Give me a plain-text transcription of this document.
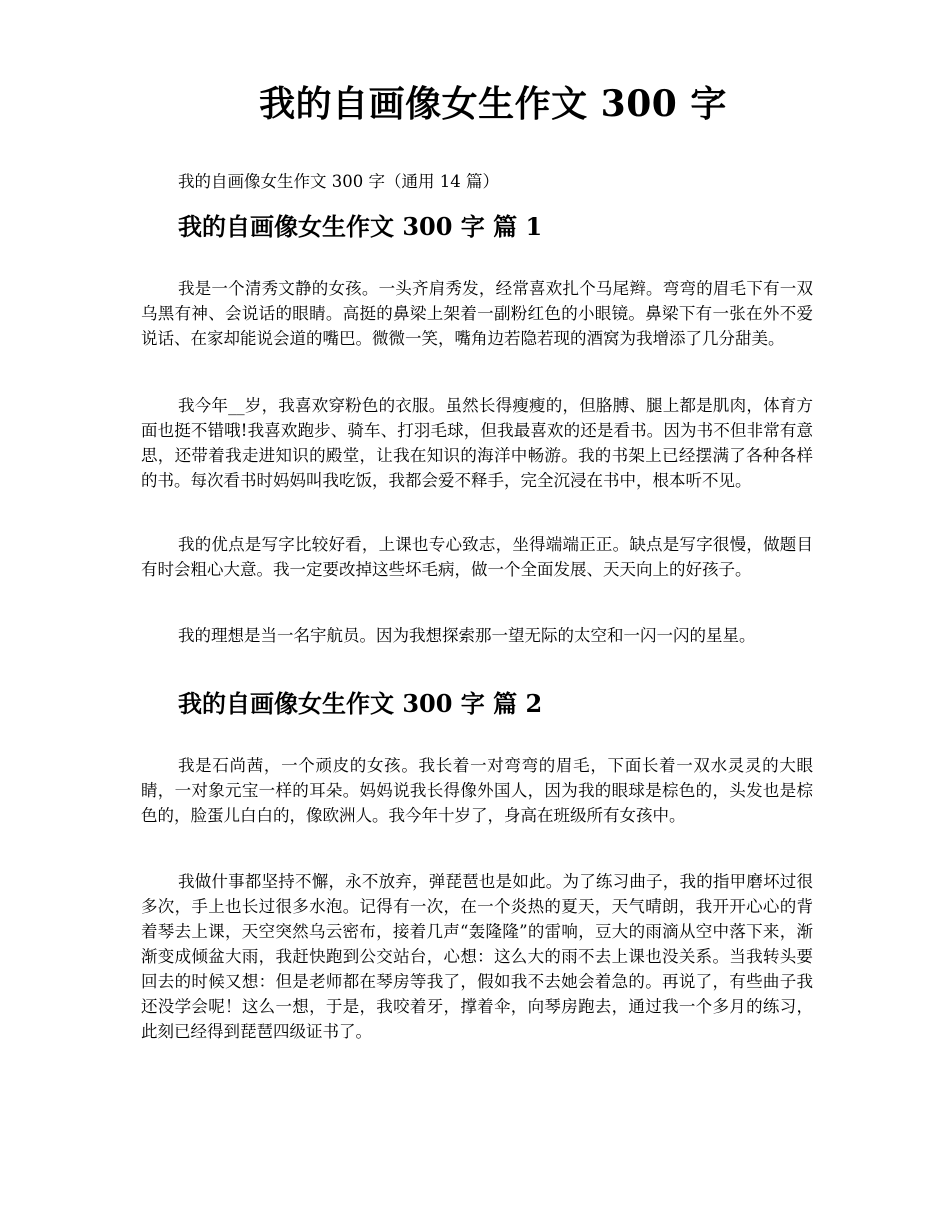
我的自画像女生作文 300 字

我的自画像女生作文 300 字（通用 14 篇）

我的自画像女生作文 300 字 篇 1

我是一个清秀文静的女孩。一头齐肩秀发，经常喜欢扎个马尾辫。弯弯的眉毛下有一双乌黑有神、会说话的眼睛。高挺的鼻梁上架着一副粉红色的小眼镜。鼻梁下有一张在外不爱说话、在家却能说会道的嘴巴。微微一笑，嘴角边若隐若现的酒窝为我增添了几分甜美。

我今年__岁，我喜欢穿粉色的衣服。虽然长得瘦瘦的，但胳膊、腿上都是肌肉，体育方面也挺不错哦!我喜欢跑步、骑车、打羽毛球，但我最喜欢的还是看书。因为书不但非常有意思，还带着我走进知识的殿堂，让我在知识的海洋中畅游。我的书架上已经摆满了各种各样的书。每次看书时妈妈叫我吃饭，我都会爱不释手，完全沉浸在书中，根本听不见。

我的优点是写字比较好看，上课也专心致志，坐得端端正正。缺点是写字很慢，做题目有时会粗心大意。我一定要改掉这些坏毛病，做一个全面发展、天天向上的好孩子。

我的理想是当一名宇航员。因为我想探索那一望无际的太空和一闪一闪的星星。

我的自画像女生作文 300 字 篇 2

我是石尚茜，一个顽皮的女孩。我长着一对弯弯的眉毛，下面长着一双水灵灵的大眼睛，一对象元宝一样的耳朵。妈妈说我长得像外国人，因为我的眼球是棕色的，头发也是棕色的，脸蛋儿白白的，像欧洲人。我今年十岁了，身高在班级所有女孩中。

我做什事都坚持不懈，永不放弃，弹琵琶也是如此。为了练习曲子，我的指甲磨坏过很多次，手上也长过很多水泡。记得有一次，在一个炎热的夏天，天气晴朗，我开开心心的背着琴去上课，天空突然乌云密布，接着几声“轰隆隆”的雷响，豆大的雨滴从空中落下来，渐渐变成倾盆大雨，我赶快跑到公交站台，心想：这么大的雨不去上课也没关系。当我转头要回去的时候又想：但是老师都在琴房等我了，假如我不去她会着急的。再说了，有些曲子我还没学会呢！这么一想，于是，我咬着牙，撑着伞，向琴房跑去，通过我一个多月的练习，此刻已经得到琵琶四级证书了。
